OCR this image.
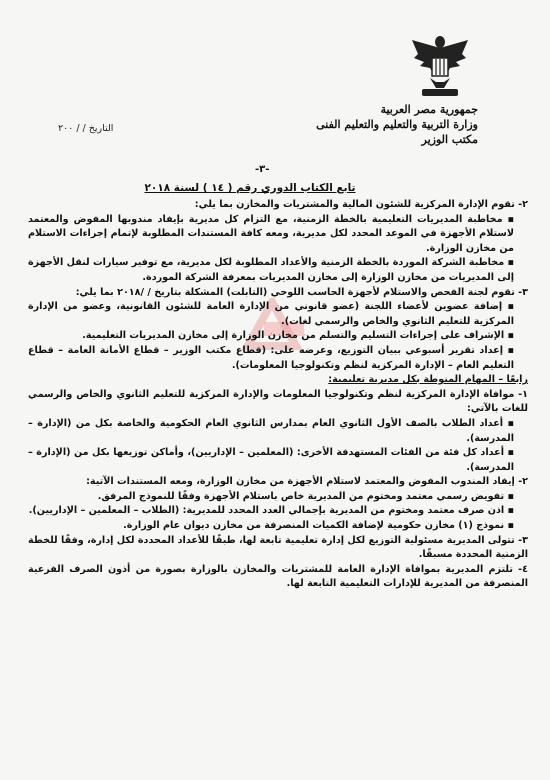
جمهورية مصر العربية
وزارة التربية والتعليم والتعليم الفنى
مكتب الوزير
التاريخ / / ٢٠٠
-٣-
تابع الكتاب الدوري رقم ( ١٤ ) لسنة ٢٠١٨

٢- تقوم الإدارة المركزية للشئون المالية والمشتريات والمخازن بما يلي:

▪ مخاطبة المديريات التعليمية بالخطة الزمنية، مع التزام كل مديرية بإيفاد مندوبها المفوض والمعتمد لاستلام الأجهزة في الموعد المحدد لكل مديرية، ومعه كافة المستندات المطلوبة لإتمام إجراءات الاستلام من مخازن الوزارة.

▪ مخاطبة الشركة الموردة بالخطة الزمنية والأعداد المطلوبة لكل مديرية، مع توفير سيارات لنقل الأجهزة إلى المديريات من مخازن الوزارة إلى مخازن المديريات بمعرفة الشركة الموردة.

٣- تقوم لجنة الفحص والاستلام لأجهزة الحاسب اللوحي (التابلت) المشكلة بتاريخ / /٢٠١٨ بما يلي:

▪ إضافة عضوين لأعضاء اللجنة (عضو قانوني من الإدارة العامة للشئون القانونية، وعضو من الإدارة المركزية للتعليم الثانوي والخاص والرسمي لغات).

▪ الإشراف على إجراءات التسليم والتسلم من مخازن الوزارة إلى مخازن المديريات التعليمية.

▪ إعداد تقرير أسبوعي ببيان التوزيع، وعرضه على: (قطاع مكتب الوزير – قطاع الأمانة العامة – قطاع التعليم العام – الإدارة المركزية لنظم وتكنولوجيا المعلومات).

رابعًا – المهام المنوطة بكل مديرية تعليمية:

١- موافاة الإدارة المركزية لنظم وتكنولوجيا المعلومات والإدارة المركزية للتعليم الثانوي والخاص والرسمي للغات بالآتي:

▪ أعداد الطلاب بالصف الأول الثانوي العام بمدارس الثانوي العام الحكومية والخاصة بكل من (الإدارة – المدرسة).

▪ أعداد كل فئة من الفئات المستهدفة الأخرى: (المعلمين – الإداريين)، وأماكن توزيعها بكل من (الإدارة – المدرسة).

٢- إيفاد المندوب المفوض والمعتمد لاستلام الأجهزة من مخازن الوزارة، ومعه المستندات الآتية:

▪ تفويض رسمي معتمد ومختوم من المديرية خاص باستلام الأجهزة وفقًا للنموذج المرفق.

▪ اذن صرف معتمد ومختوم من المديرية بإجمالي العدد المحدد للمديرية: (الطلاب – المعلمين – الإداريين).

▪ نموذج (١) مخازن حكومية لإضافة الكميات المنصرفة من مخازن ديوان عام الوزارة.

٣- تتولى المديرية مسئولية التوزيع لكل إدارة تعليمية تابعة لها، طبقًا للأعداد المحددة لكل إدارة، وفقًا للخطة الزمنية المحددة مسبقًا.

٤- تلتزم المديرية بموافاة الإدارة العامة للمشتريات والمخازن بالوزارة بصورة من أذون الصرف الفرعية المنصرفة من المديرية للإدارات التعليمية التابعة لها.
